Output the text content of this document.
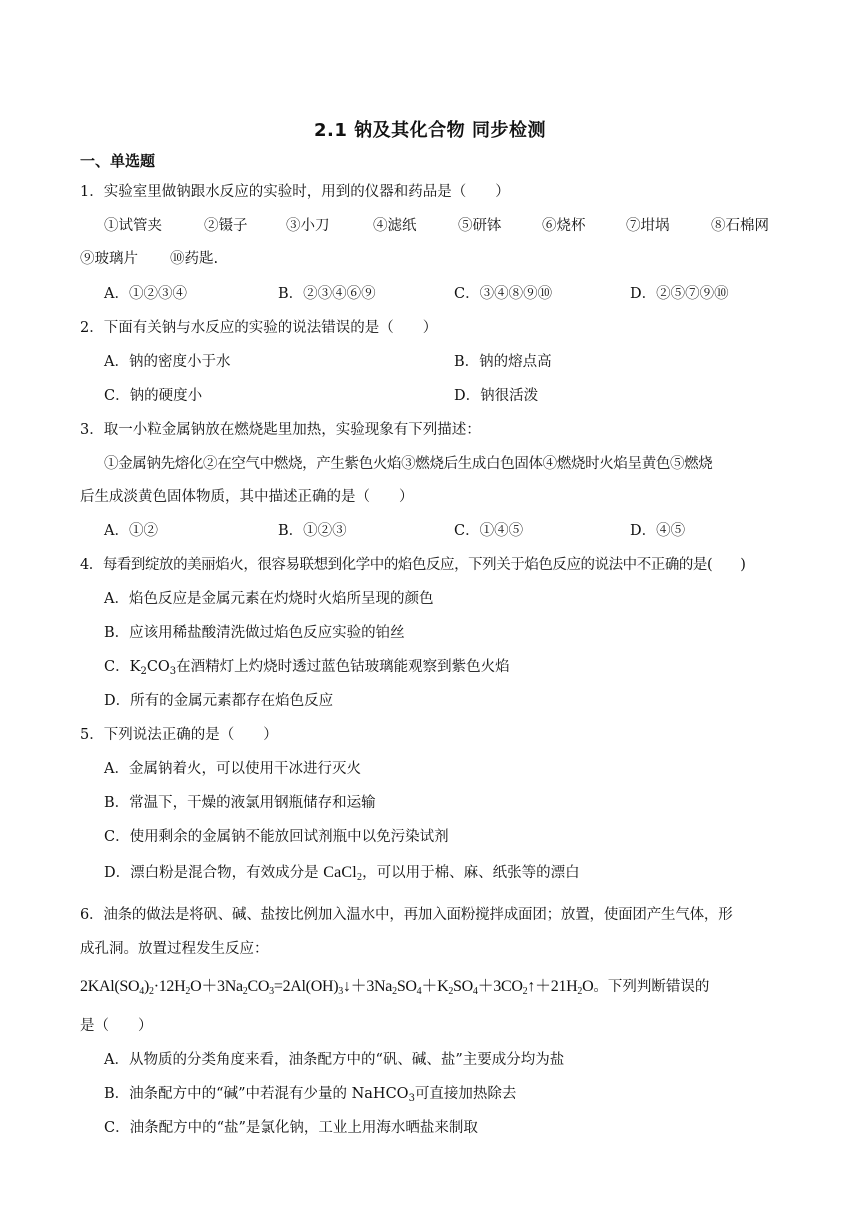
2.1 钠及其化合物 同步检测
一、单选题
1．实验室里做钠跟水反应的实验时，用到的仪器和药品是（　　）
①试管夹	②镊子	③小刀	④滤纸	⑤研钵	⑥烧杯	⑦坩埚	⑧石棉网
⑨玻璃片 ⑩药匙.
A．①②③④	B．②③④⑥⑨	C．③④⑧⑨⑩	D．②⑤⑦⑨⑩
2．下面有关钠与水反应的实验的说法错误的是（　　）
A．钠的密度小于水	B．钠的熔点高
C．钠的硬度小	D．钠很活泼
3．取一小粒金属钠放在燃烧匙里加热，实验现象有下列描述：
①金属钠先熔化②在空气中燃烧，产生紫色火焰③燃烧后生成白色固体④燃烧时火焰呈黄色⑤燃烧
后生成淡黄色固体物质，其中描述正确的是（　　）
A．①②	B．①②③	C．①④⑤	D．④⑤
4．每看到绽放的美丽焰火，很容易联想到化学中的焰色反应，下列关于焰色反应的说法中不正确的是(　　)
A．焰色反应是金属元素在灼烧时火焰所呈现的颜色
B．应该用稀盐酸清洗做过焰色反应实验的铂丝
C．$K_2CO_3$在酒精灯上灼烧时透过蓝色钴玻璃能观察到紫色火焰
D．所有的金属元素都存在焰色反应
5．下列说法正确的是（　　）
A．金属钠着火，可以使用干冰进行灭火
B．常温下，干燥的液氯用钢瓶储存和运输
C．使用剩余的金属钠不能放回试剂瓶中以免污染试剂
D．漂白粉是混合物，有效成分是 CaCl$_2$，可以用于棉、麻、纸张等的漂白
6．油条的做法是将矾、碱、盐按比例加入温水中，再加入面粉搅拌成面团；放置，使面团产生气体，形
成孔洞。放置过程发生反应：
$2KAl(SO_4)_2\cdot 12H_2O+3Na_2CO_3=2Al(OH)_3↓+3Na_2SO_4+K_2SO_4+3CO_2↑+21H_2O$。下列判断错误的
是（　　）
A．从物质的分类角度来看，油条配方中的“矾、碱、盐”主要成分均为盐
B．油条配方中的“碱”中若混有少量的 NaHCO$_3$可直接加热除去
C．油条配方中的“盐”是氯化钠，工业上用海水晒盐来制取
